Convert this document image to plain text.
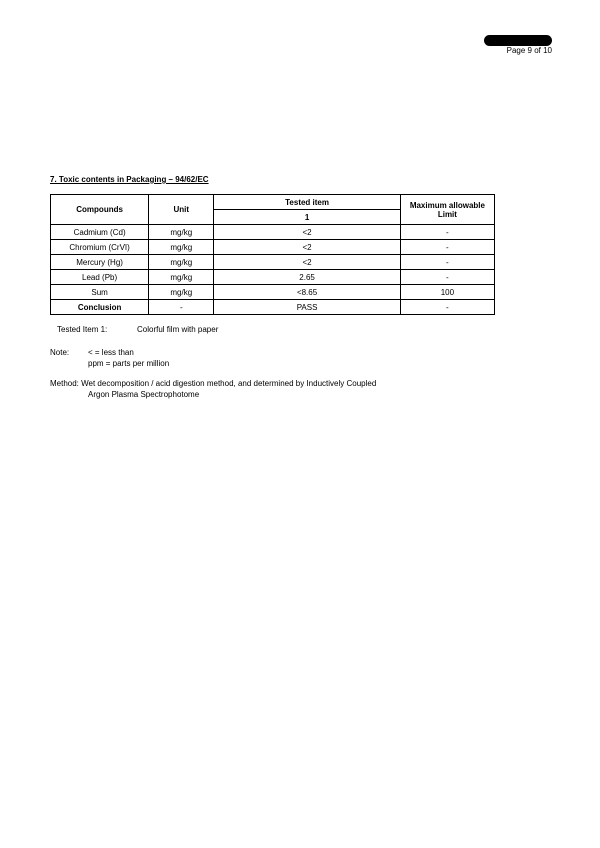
Page 9 of 10
7. Toxic contents in Packaging – 94/62/EC
Compounds	Unit	Tested item	Maximum allowable Limit
		1	
Cadmium (Cd)	mg/kg	<2	-
Chromium (CrVI)	mg/kg	<2	-
Mercury (Hg)	mg/kg	<2	-
Lead (Pb)	mg/kg	2.65	-
Sum	mg/kg	<8.65	100
Conclusion	-	PASS	-
Tested Item 1:	Colorful film with paper
Note: < = less than
ppm = parts per million
Method: Wet decomposition / acid digestion method, and determined by Inductively Coupled
Argon Plasma Spectrophotome
